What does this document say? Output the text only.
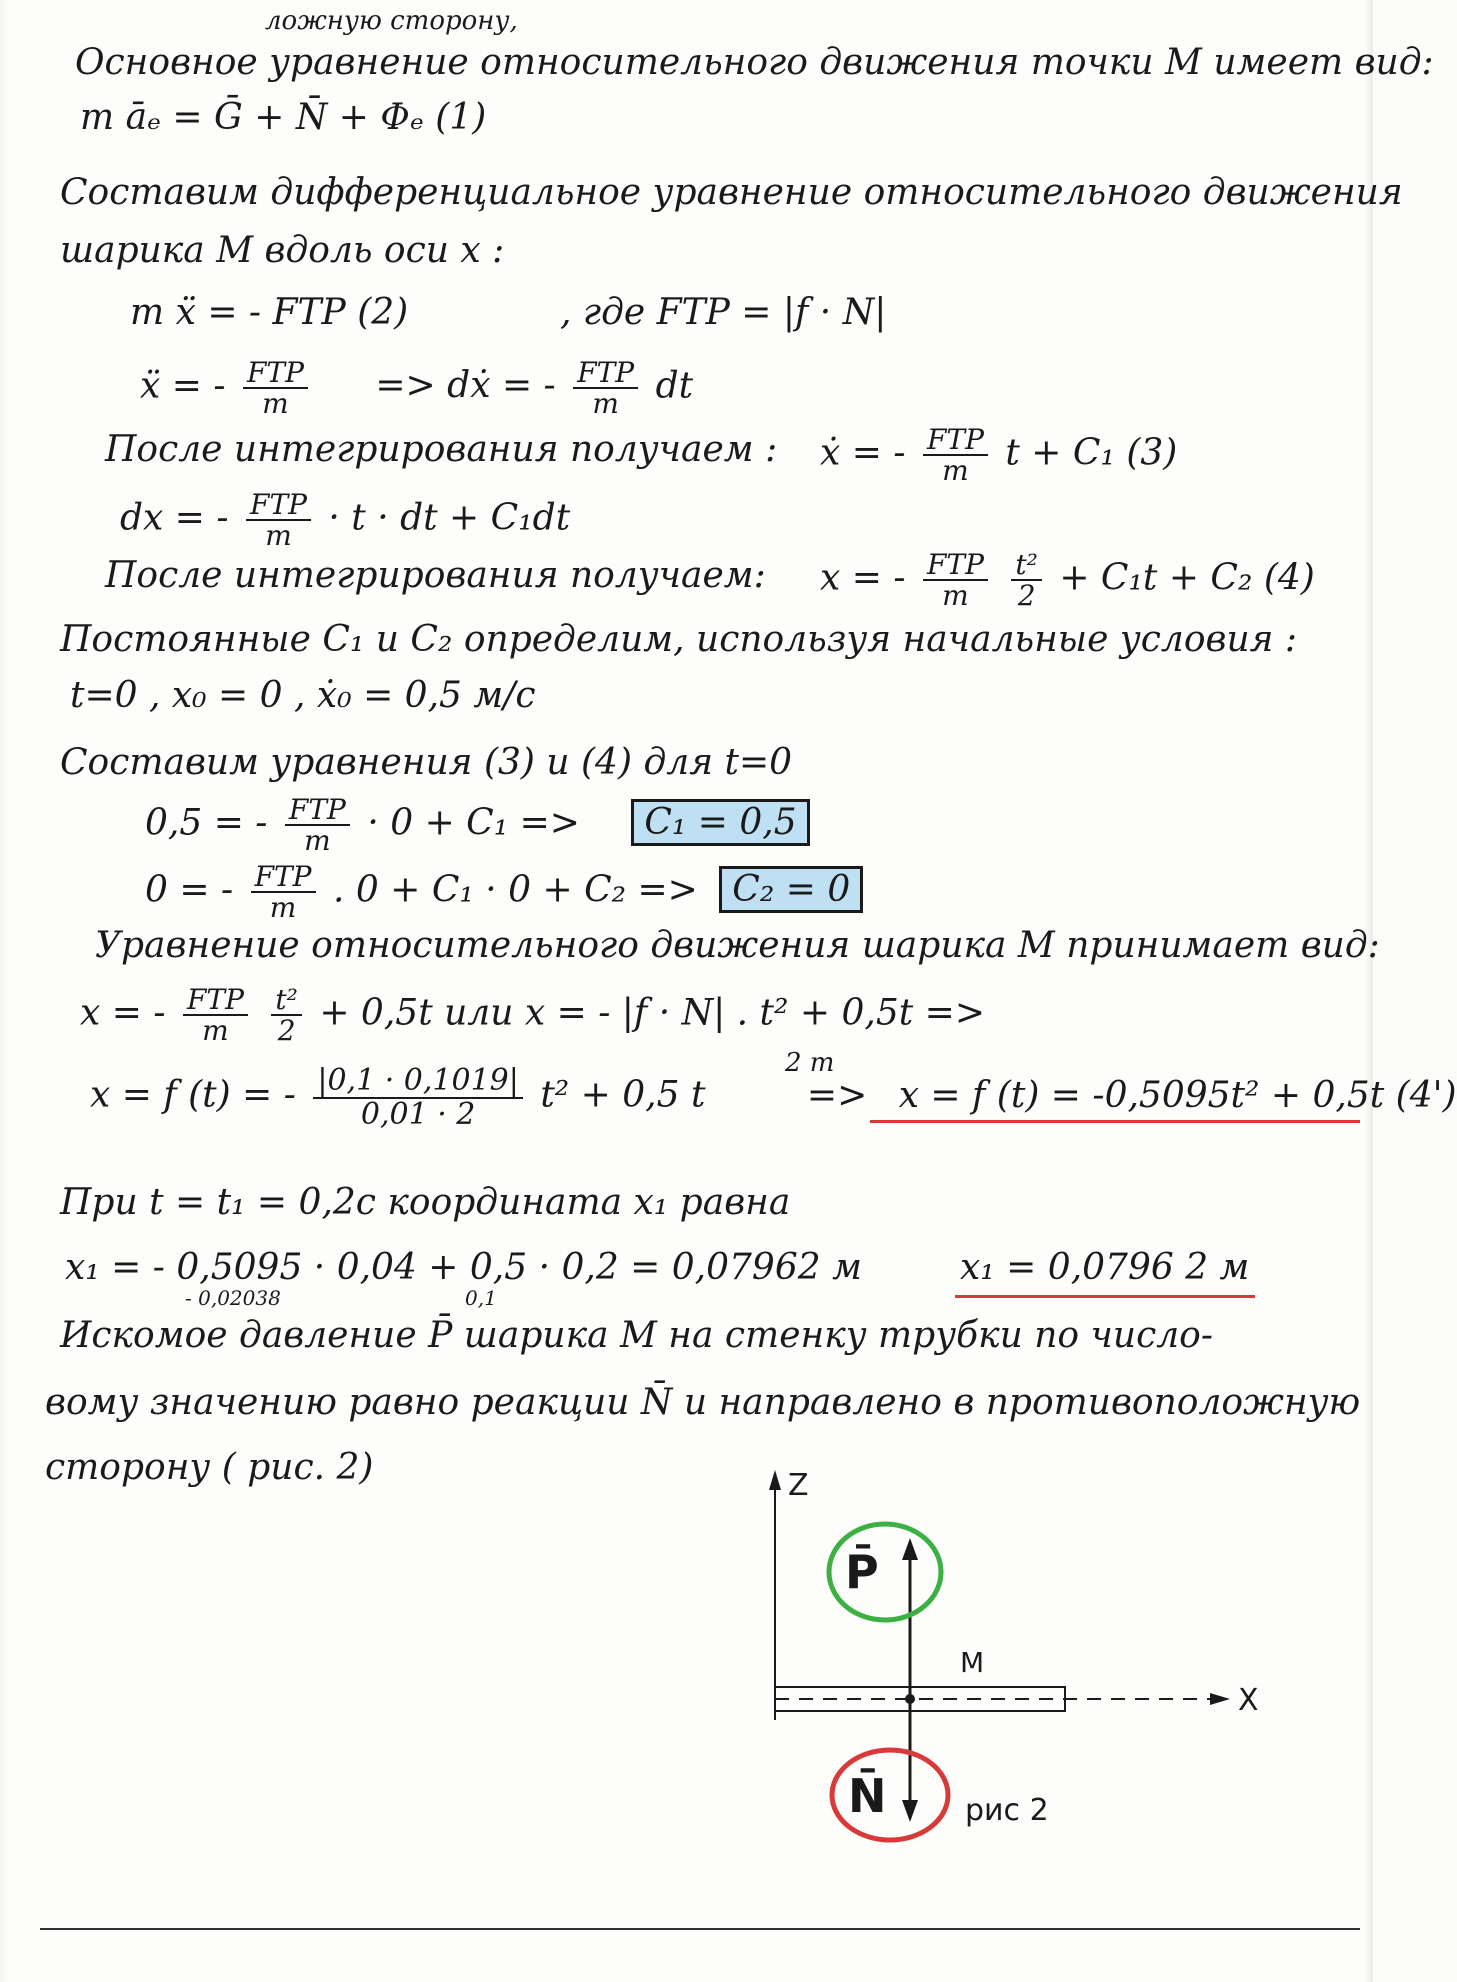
ложную сторону,
Основное уравнение относительного движения точки М имеет вид:
m āₑ = Ḡ + N̄ + Φₑ (1)
Составим дифференциальное уравнение относительного движения
шарика М вдоль оси x :
m ẍ = - FТР (2)	, где FТР = |f · N|
ẍ = - $\frac{\text{FТР}}{m}$ => dẋ = - $\frac{\text{FТР}}{m}$ dt
После интегрирования получаем : ẋ = - $\frac{\text{FТР}}{m}$ t + C₁ (3)
dx = - $\frac{\text{FТР}}{m} \cdot t$ · dt + C₁dt
После интегрирования получаем: x = - $\frac{\text{FТР}}{m}$
$\frac{\text{t²}}{2} + C_1t + C_2$ (4)
Постоянные C₁ и C₂ определим, используя начальные условия :
t=0 , x₀ = 0 , ẋ₀ = 0,5 м/с
Составим уравнения (3) и (4) для t=0
0,5 = - $\frac{\text{FТР}}{m} \cdot 0 + C_1 => C_1 = 0,5$
0 = - $\frac{\text{FТР}}{m}$ . 0 + C₁ · 0 + C₂ => C₂ = 0
Уравнение относительного движения шарика М принимает вид:
x = - $\frac{\text{FТР}}{m}$
$\frac{\text{t²}}{2} + 0,5t$ или x = - |f · N| . t² + 0,5t =>
2 m
x = f (t) = - $\frac{|0,1 \cdot 0,1019|}{0,01 \cdot 2} t^2 + 0,5$ t	=> x = f (t) = -0,5095t² + 0,5t (4')
При t = t₁ = 0,2с координата x₁ равна
x₁ = - 0,5095 · 0,04 + 0,5 · 0,2 = 0,07962 м
- 0,02038	0,1
x₁ = 0,0796 2 м
Искомое давление P̄ шарика М на стенку трубки по число-
вому значению равно реакции N̄ и направлено в противоположную
сторону ( рис. 2)	Z
X
M
P̄
N̄	рис 2
